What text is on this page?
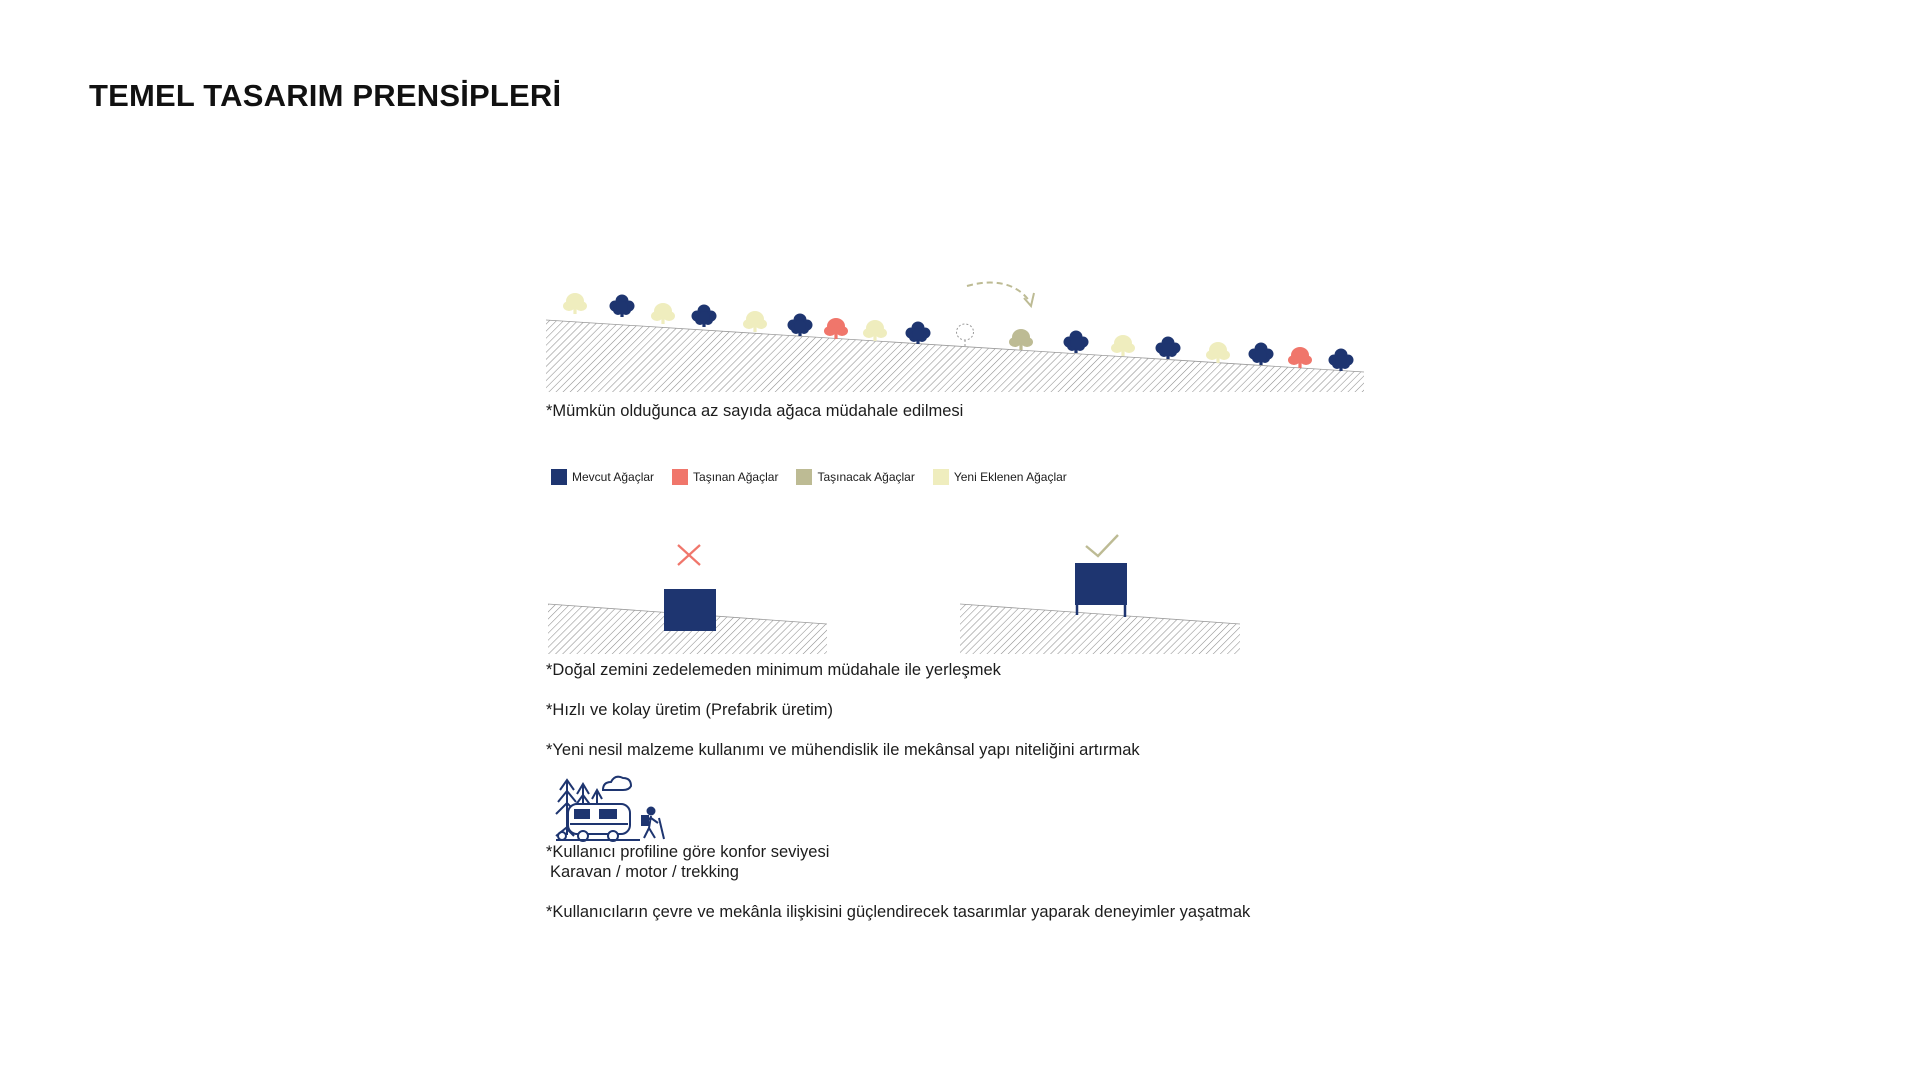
TEMEL TASARIM PRENSİPLERİ

*Mümkün olduğunca az sayıda ağaca müdahale edilmesi

Mevcut Ağaçlar	Taşınan Ağaçlar	Taşınacak Ağaçlar	Yeni Eklenen Ağaçlar

*Doğal zemini zedelemeden minimum müdahale ile yerleşmek

*Hızlı ve kolay üretim (Prefabrik üretim)

*Yeni nesil malzeme kullanımı ve mühendislik ile mekânsal yapı niteliğini artırmak

*Kullanıcı profiline göre konfor seviyesi

Karavan / motor / trekking

*Kullanıcıların çevre ve mekânla ilişkisini güçlendirecek tasarımlar yaparak deneyimler yaşatmak
